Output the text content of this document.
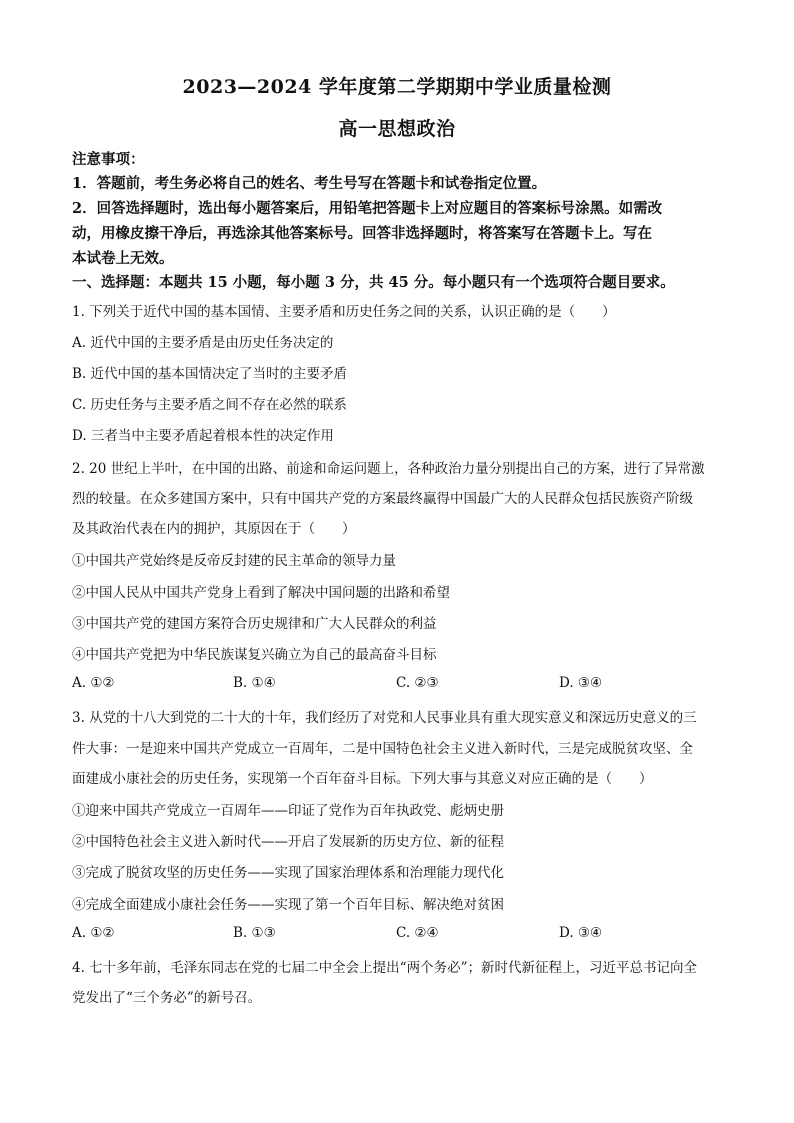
2023—2024 学年度第二学期期中学业质量检测
高一思想政治
注意事项：
1．答题前，考生务必将自己的姓名、考生号写在答题卡和试卷指定位置。
2．回答选择题时，选出每小题答案后，用铅笔把答题卡上对应题目的答案标号涂黑。如需改
动，用橡皮擦干净后，再选涂其他答案标号。回答非选择题时，将答案写在答题卡上。写在
本试卷上无效。
一、选择题：本题共 15 小题，每小题 3 分，共 45 分。每小题只有一个选项符合题目要求。
1. 下列关于近代中国的基本国情、主要矛盾和历史任务之间的关系，认识正确的是（　　）
A. 近代中国的主要矛盾是由历史任务决定的
B. 近代中国的基本国情决定了当时的主要矛盾
C. 历史任务与主要矛盾之间不存在必然的联系
D. 三者当中主要矛盾起着根本性的决定作用
2. 20 世纪上半叶，在中国的出路、前途和命运问题上，各种政治力量分别提出自己的方案，进行了异常激
烈的较量。在众多建国方案中，只有中国共产党的方案最终赢得中国最广大的人民群众包括民族资产阶级
及其政治代表在内的拥护，其原因在于（　　）
①中国共产党始终是反帝反封建的民主革命的领导力量
②中国人民从中国共产党身上看到了解决中国问题的出路和希望
③中国共产党的建国方案符合历史规律和广大人民群众的利益
④中国共产党把为中华民族谋复兴确立为自己的最高奋斗目标
A. ①②	B. ①④	C. ②③	D. ③④
3. 从党的十八大到党的二十大的十年，我们经历了对党和人民事业具有重大现实意义和深远历史意义的三
件大事：一是迎来中国共产党成立一百周年，二是中国特色社会主义进入新时代，三是完成脱贫攻坚、全
面建成小康社会的历史任务，实现第一个百年奋斗目标。下列大事与其意义对应正确的是（　　）
①迎来中国共产党成立一百周年——印证了党作为百年执政党、彪炳史册
②中国特色社会主义进入新时代——开启了发展新的历史方位、新的征程
③完成了脱贫攻坚的历史任务——实现了国家治理体系和治理能力现代化
④完成全面建成小康社会任务——实现了第一个百年目标、解决绝对贫困
A. ①②	B. ①③	C. ②④	D. ③④
4. 七十多年前，毛泽东同志在党的七届二中全会上提出“两个务必”；新时代新征程上，习近平总书记向全
党发出了“三个务必”的新号召。
